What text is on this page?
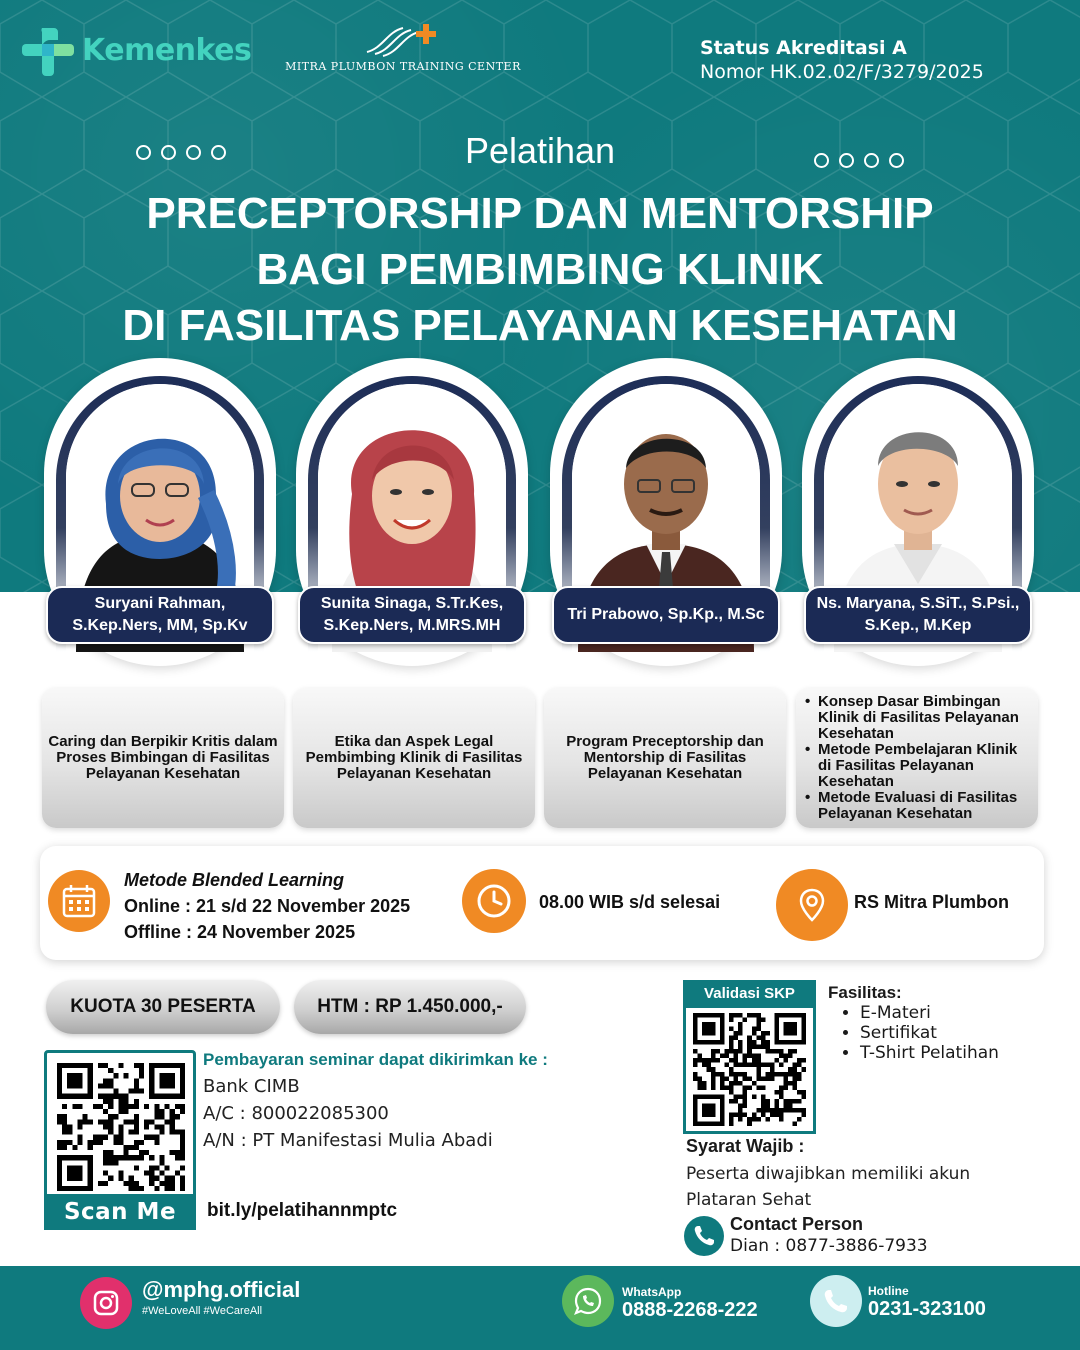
Kemenkes	MITRA PLUMBON TRAINING CENTER
Status Akreditasi A
Nomor HK.02.02/F/3279/2025
Pelatihan
PRECEPTORSHIP DAN MENTORSHIP
BAGI PEMBIMBING KLINIK
DI FASILITAS PELAYANAN KESEHATAN
Suryani Rahman,
S.Kep.Ners, MM, Sp.Kv
Sunita Sinaga, S.Tr.Kes,
S.Kep.Ners, M.MRS.MH
Tri Prabowo, Sp.Kp., M.Sc
Ns. Maryana, S.SiT., S.Psi.,
S.Kep., M.Kep
Caring dan Berpikir Kritis dalam Proses Bimbingan di Fasilitas Pelayanan Kesehatan
Etika dan Aspek Legal Pembimbing Klinik di Fasilitas Pelayanan Kesehatan
Program Preceptorship dan Mentorship di Fasilitas Pelayanan Kesehatan
• Konsep Dasar Bimbingan Klinik di Fasilitas Pelayanan Kesehatan
• Metode Pembelajaran Klinik di Fasilitas Pelayanan Kesehatan
• Metode Evaluasi di Fasilitas Pelayanan Kesehatan
Metode Blended Learning
Online : 21 s/d 22 November 2025
Offline : 24 November 2025
08.00 WIB s/d selesai	RS Mitra Plumbon
KUOTA 30 PESERTA	HTM : RP 1.450.000,-
Scan Me
Pembayaran seminar dapat dikirimkan ke :
Bank CIMB
A/C : 800022085300
A/N : PT Manifestasi Mulia Abadi
bit.ly/pelatihannmptc
Validasi SKP	Fasilitas:
• E-Materi
• Sertifikat
• T-Shirt Pelatihan
Syarat Wajib :
Peserta diwajibkan memiliki akun Plataran Sehat
Contact Person
Dian : 0877-3886-7933
@mphg.official
#WeLoveAll #WeCareAll
WhatsApp
0888-2268-222
Hotline
0231-323100
